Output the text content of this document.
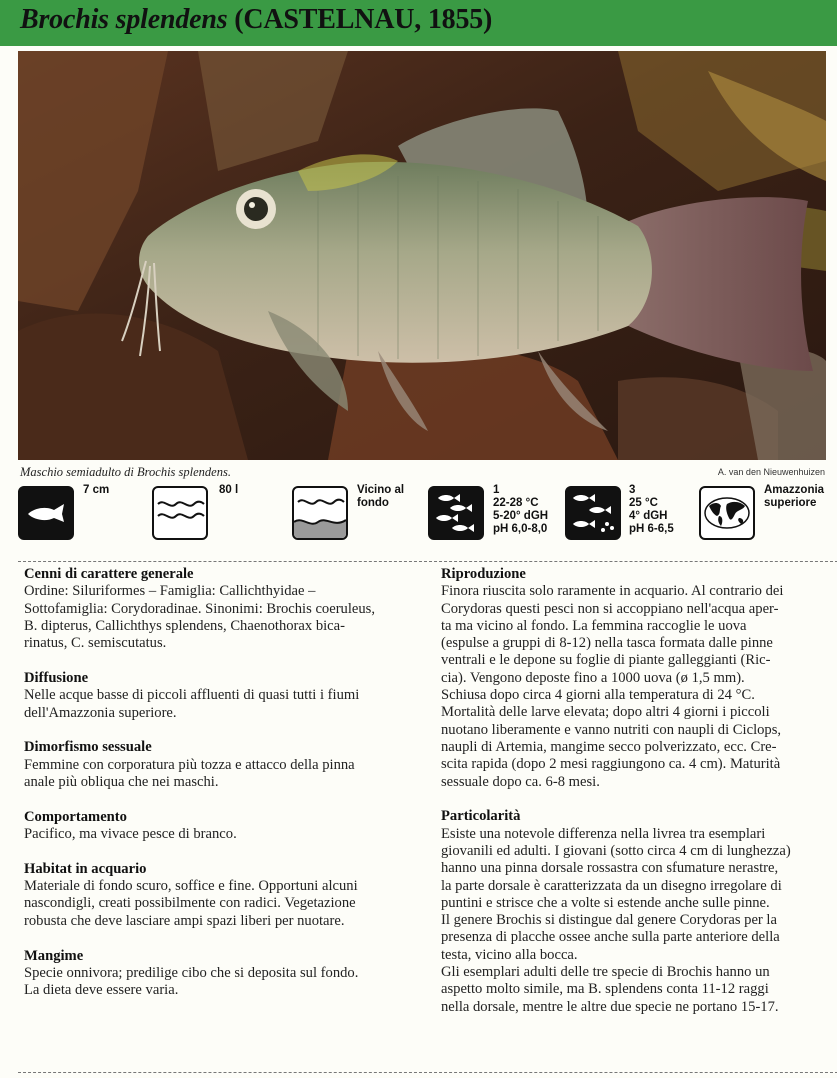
Brochis splendens (CASTELNAU, 1855)
Maschio semiadulto di Brochis splendens.	A. van den Nieuwenhuizen
7 cm	80 l	Vicino al
fondo
1
22-28 °C
5-20° dGH
pH 6,0-8,0
3
25 °C
4° dGH
pH 6-6,5
Amazzonia
superiore

Cenni di carattere generale

Ordine: Siluriformes – Famiglia: Callichthyidae –
Sottofamiglia: Corydoradinae. Sinonimi: Brochis coeruleus,
B. dipterus, Callichthys splendens, Chaenothorax bica-
rinatus, C. semiscutatus.

Diffusione

Nelle acque basse di piccoli affluenti di quasi tutti i fiumi
dell'Amazzonia superiore.

Dimorfismo sessuale

Femmine con corporatura più tozza e attacco della pinna
anale più obliqua che nei maschi.

Comportamento

Pacifico, ma vivace pesce di branco.

Habitat in acquario

Materiale di fondo scuro, soffice e fine. Opportuni alcuni
nascondigli, creati possibilmente con radici. Vegetazione
robusta che deve lasciare ampi spazi liberi per nuotare.

Mangime

Specie onnivora; predilige cibo che si deposita sul fondo.
La dieta deve essere varia.

Riproduzione

Finora riuscita solo raramente in acquario. Al contrario dei
Corydoras questi pesci non si accoppiano nell'acqua aper-
ta ma vicino al fondo. La femmina raccoglie le uova
(espulse a gruppi di 8-12) nella tasca formata dalle pinne
ventrali e le depone su foglie di piante galleggianti (Ric-
cia). Vengono deposte fino a 1000 uova (ø 1,5 mm).
Schiusa dopo circa 4 giorni alla temperatura di 24 °C.
Mortalità delle larve elevata; dopo altri 4 giorni i piccoli
nuotano liberamente e vanno nutriti con naupli di Ciclops,
naupli di Artemia, mangime secco polverizzato, ecc. Cre-
scita rapida (dopo 2 mesi raggiungono ca. 4 cm). Maturità
sessuale dopo ca. 6-8 mesi.

Particolarità

Esiste una notevole differenza nella livrea tra esemplari
giovanili ed adulti. I giovani (sotto circa 4 cm di lunghezza)
hanno una pinna dorsale rossastra con sfumature nerastre,
la parte dorsale è caratterizzata da un disegno irregolare di
puntini e strisce che a volte si estende anche sulle pinne.
Il genere Brochis si distingue dal genere Corydoras per la
presenza di placche ossee anche sulla parte anteriore della
testa, vicino alla bocca.
Gli esemplari adulti delle tre specie di Brochis hanno un
aspetto molto simile, ma B. splendens conta 11-12 raggi
nella dorsale, mentre le altre due specie ne portano 15-17.
